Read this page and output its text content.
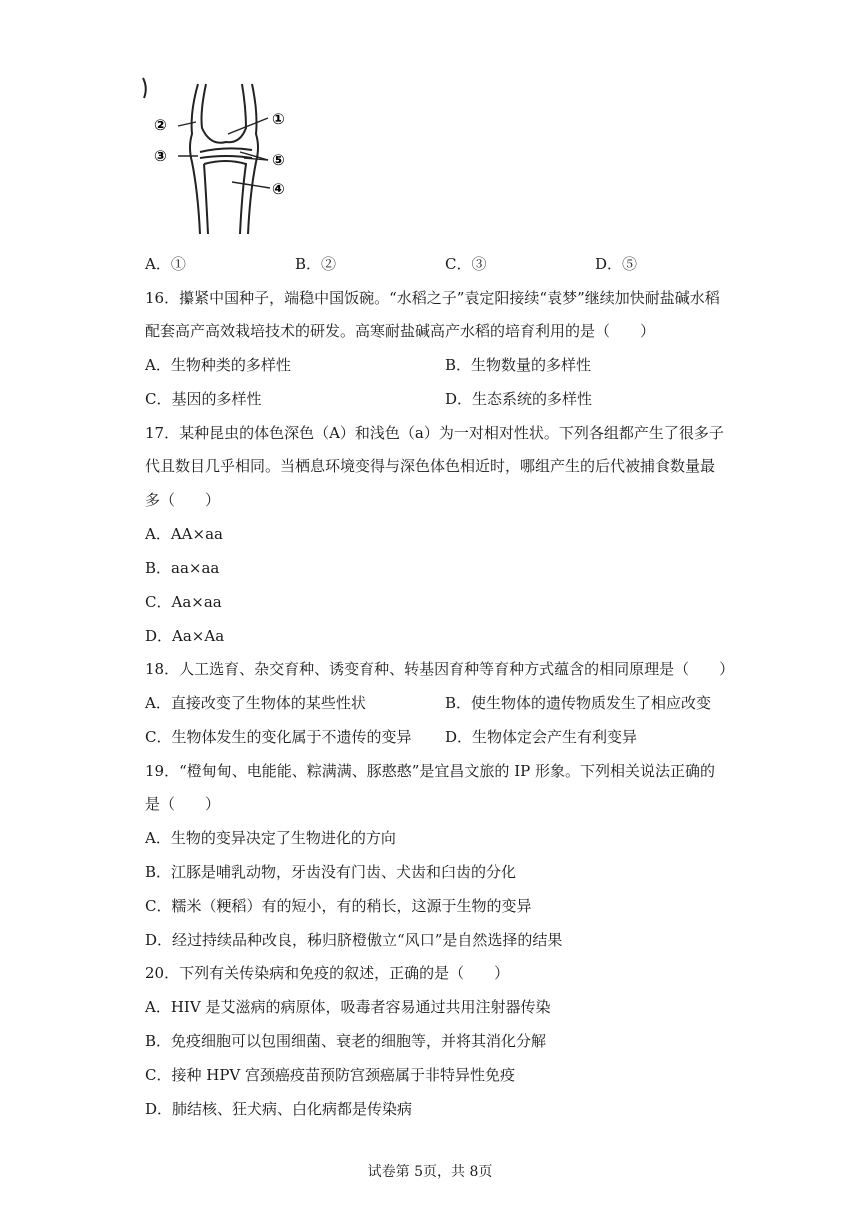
②
③
①
⑤
④
A．①	B．②	C．③	D．⑤
16．攥紧中国种子，端稳中国饭碗。“水稻之子”袁定阳接续“袁梦”继续加快耐盐碱水稻
配套高产高效栽培技术的研发。高寒耐盐碱高产水稻的培育利用的是（　　）
A．生物种类的多样性	B．生物数量的多样性
C．基因的多样性	D．生态系统的多样性
17．某种昆虫的体色深色（A）和浅色（a）为一对相对性状。下列各组都产生了很多子
代且数目几乎相同。当栖息环境变得与深色体色相近时，哪组产生的后代被捕食数量最
多（　　）
A．AA×aa
B．aa×aa
C．Aa×aa
D．Aa×Aa
18．人工选育、杂交育种、诱变育种、转基因育种等育种方式蕴含的相同原理是（　　）
A．直接改变了生物体的某些性状	B．使生物体的遗传物质发生了相应改变
C．生物体发生的变化属于不遗传的变异 D．生物体定会产生有利变异
19．“橙甸甸、电能能、粽满满、豚憨憨”是宜昌文旅的 IP 形象。下列相关说法正确的
是（　　）
A．生物的变异决定了生物进化的方向
B．江豚是哺乳动物，牙齿没有门齿、犬齿和臼齿的分化
C．糯米（粳稻）有的短小，有的稍长，这源于生物的变异
D．经过持续品种改良，秭归脐橙傲立“风口”是自然选择的结果
20．下列有关传染病和免疫的叙述，正确的是（　　）
A．HIV 是艾滋病的病原体，吸毒者容易通过共用注射器传染
B．免疫细胞可以包围细菌、衰老的细胞等，并将其消化分解
C．接种 HPV 宫颈癌疫苗预防宫颈癌属于非特异性免疫
D．肺结核、狂犬病、白化病都是传染病
试卷第 5页，共 8页
